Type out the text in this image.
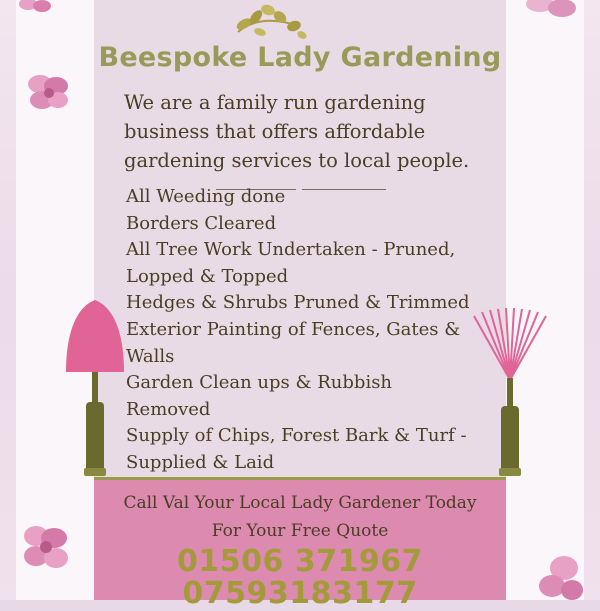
Beespoke Lady Gardening
We are a family run gardening
business that offers affordable
gardening services to local people.
All Weeding done
Borders Cleared
All Tree Work Undertaken - Pruned,
Lopped & Topped
Hedges & Shrubs Pruned & Trimmed
Exterior Painting of Fences, Gates &
Walls
Garden Clean ups & Rubbish
Removed
Supply of Chips, Forest Bark & Turf -
Supplied & Laid
Call Val Your Local Lady Gardener Today
For Your Free Quote
01506 371967
07593183177
